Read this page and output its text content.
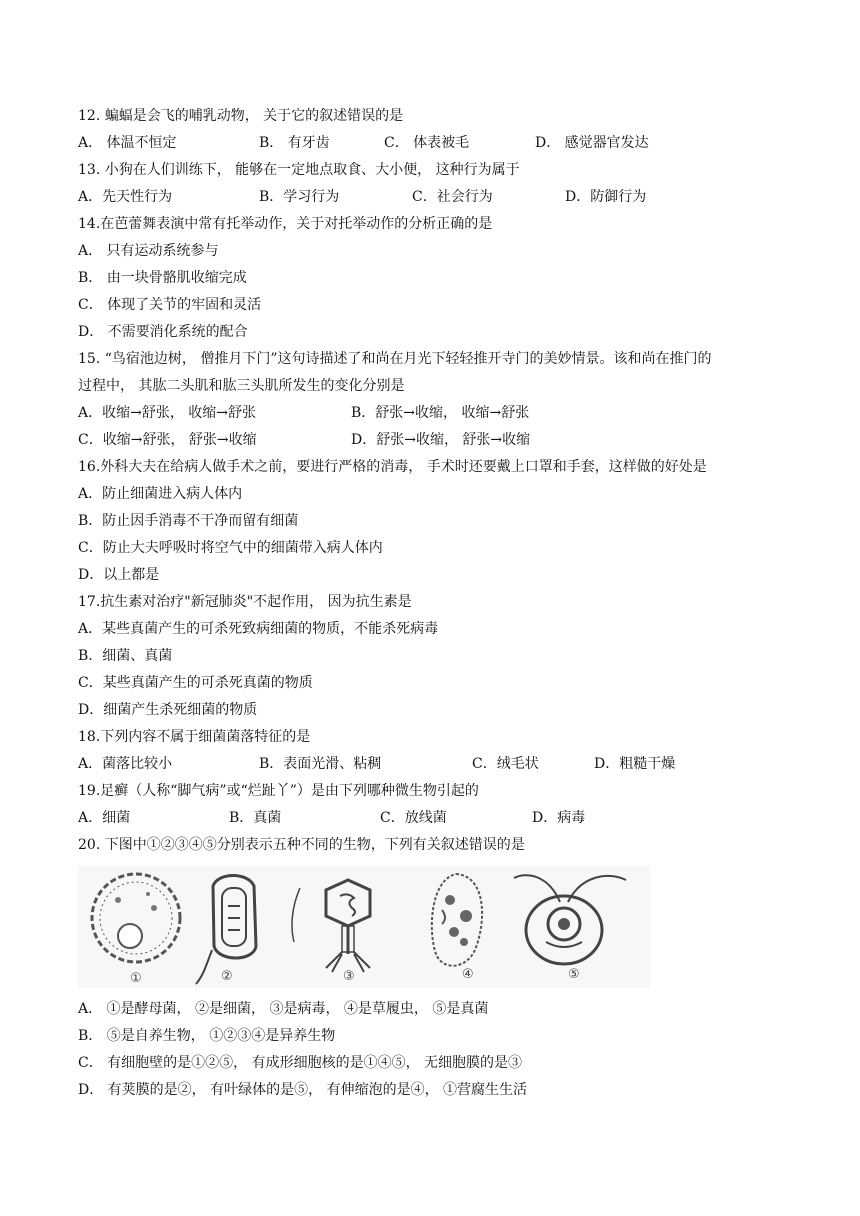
12. 蝙蝠是会飞的哺乳动物， 关于它的叙述错误的是
A． 体温不恒定	B． 有牙齿	C． 体表被毛	D． 感觉器官发达
13. 小狗在人们训练下， 能够在一定地点取食、大小便， 这种行为属于
A．先天性行为	B．学习行为	C．社会行为	D．防御行为
14.在芭蕾舞表演中常有托举动作，关于对托举动作的分析正确的是
A． 只有运动系统参与
B． 由一块骨骼肌收缩完成
C． 体现了关节的牢固和灵活
D． 不需要消化系统的配合
15. “鸟宿池边树， 僧推月下门”这句诗描述了和尚在月光下轻轻推开寺门的美妙情景。该和尚在推门的
过程中， 其肱二头肌和肱三头肌所发生的变化分别是
A．收缩→舒张， 收缩→舒张	B．舒张→收缩， 收缩→舒张
C．收缩→舒张， 舒张→收缩	D．舒张→收缩， 舒张→收缩
16.外科大夫在给病人做手术之前，要进行严格的消毒， 手术时还要戴上口罩和手套，这样做的好处是
A．防止细菌进入病人体内
B．防止因手消毒不干净而留有细菌
C．防止大夫呼吸时将空气中的细菌带入病人体内
D．以上都是
17.抗生素对治疗"新冠肺炎"不起作用， 因为抗生素是
A．某些真菌产生的可杀死致病细菌的物质，不能杀死病毒
B．细菌、真菌
C．某些真菌产生的可杀死真菌的物质
D．细菌产生杀死细菌的物质
18.下列内容不属于细菌菌落特征的是
A．菌落比较小	B．表面光滑、粘稠	C．绒毛状	D．粗糙干燥
19.足癣（人称“脚气病”或“烂趾丫”）是由下列哪种微生物引起的
A．细菌	B．真菌	C．放线菌	D．病毒
20. 下图中①②③④⑤分别表示五种不同的生物，下列有关叙述错误的是
①	②	③	④	⑤
A． ①是酵母菌， ②是细菌， ③是病毒， ④是草履虫， ⑤是真菌
B． ⑤是自养生物， ①②③④是异养生物
C． 有细胞壁的是①②⑤， 有成形细胞核的是①④⑤， 无细胞膜的是③
D． 有荚膜的是②， 有叶绿体的是⑤， 有伸缩泡的是④， ①营腐生生活
